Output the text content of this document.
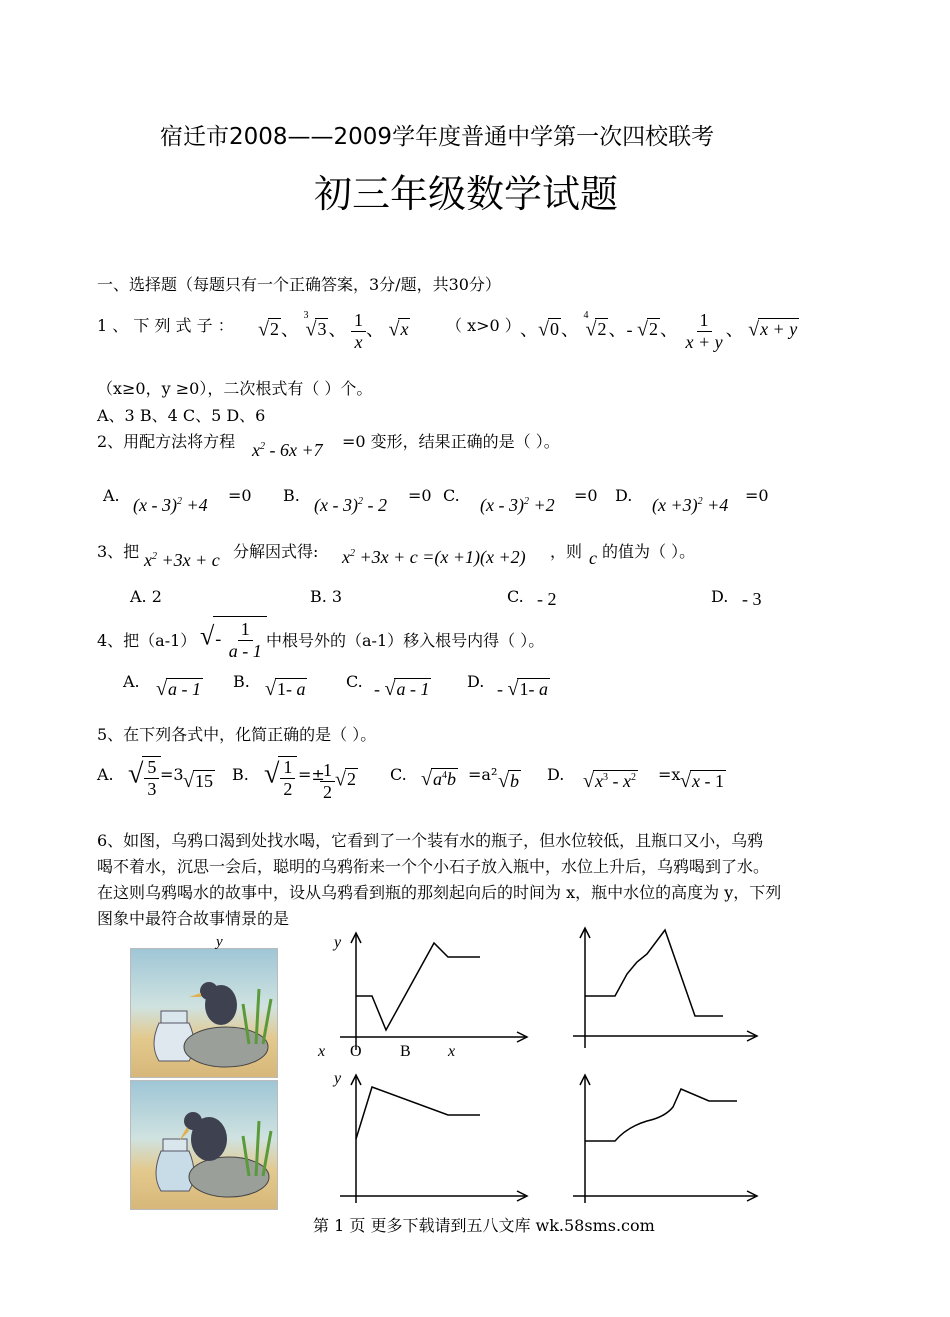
宿迁市2008——2009学年度普通中学第一次四校联考
初三年级数学试题
一、选择题（每题只有一个正确答案，3分/题，共30分）
1 、 下 列 式 子 ： √2 、 $^3$√3 、 $\frac{1}{x}$ 、 √x （ x>0 ） 、√0 、 $^4$√2 、- √2 、 $\frac{1}{x + y}$ 、 √x + y
（x≥0，y ≥0），二次根式有（ ）个。
A、3 B、4 C、5 D、6
2、用配方法将方程 $x^2 - 6x +7 =0$ 变形，结果正确的是（ ）。
A. (x - 3)$^2$ +4 =0 B. (x - 3)$^2$ - 2 =0 C. (x - 3)$^2$ +2 =0 D. $(x +3)^2 +4 =0$
3、把 $x^2 +3x + c$ 分解因式得: $x^2 +3x + c =(x +1)(x +2)$ ，则 c 的值为（ ）。
A. 2	B. 3	C. - 2	D. - 3
4、把（a-1） √- $\frac{1}{a - 1}$ 中根号外的（a-1）移入根号内得（ ）。
A. √a - 1 B. √1- a	C. - √a - 1 D. - √1- a
5、在下列各式中，化简正确的是（ ）。
A. √ $\frac{5}{3} =3$ √15 B. √ $\frac{1}{2}$ =±
$\frac{1}{2} √2$ C. $√a^4b =a^2$ √b D. $√x^3 - x^2 =x$ √x - 1
6、如图，乌鸦口渴到处找水喝，它看到了一个装有水的瓶子，但水位较低，且瓶口又小，乌鸦
喝不着水，沉思一会后，聪明的乌鸦衔来一个个小石子放入瓶中，水位上升后，乌鸦喝到了水。
在这则乌鸦喝水的故事中，设从乌鸦看到瓶的那刻起向后的时间为 x，瓶中水位的高度为 y，下列
图象中最符合故事情景的是
y	y
x O B x
y
第 1 页 更多下载请到五八文库 wk.58sms.com
